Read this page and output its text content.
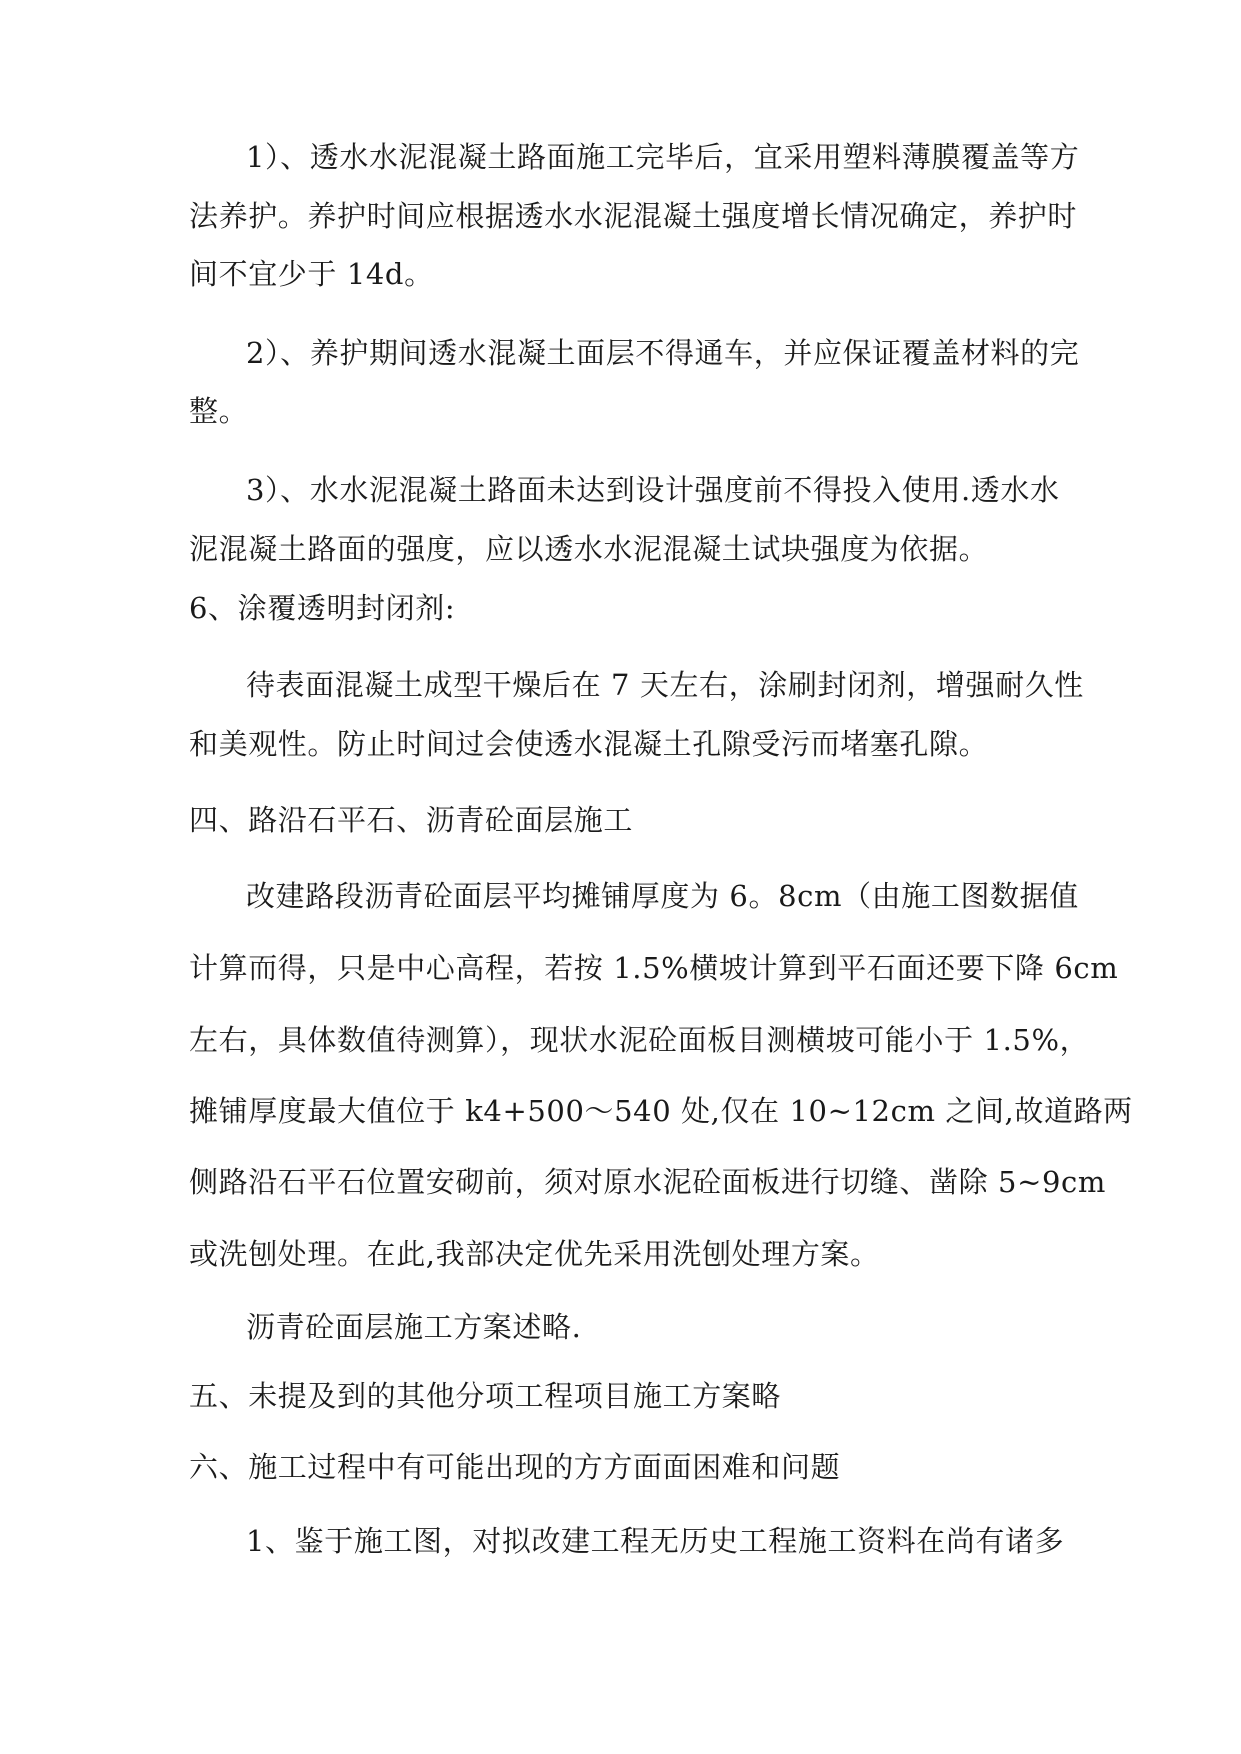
1）、透水水泥混凝土路面施工完毕后，宜采用塑料薄膜覆盖等方
法养护。养护时间应根据透水水泥混凝土强度增长情况确定，养护时
间不宜少于 14d。
2）、养护期间透水混凝土面层不得通车，并应保证覆盖材料的完
整。
3）、水水泥混凝土路面未达到设计强度前不得投入使用.透水水
泥混凝土路面的强度，应以透水水泥混凝土试块强度为依据。
6、涂覆透明封闭剂:
待表面混凝土成型干燥后在 7 天左右，涂刷封闭剂，增强耐久性
和美观性。防止时间过会使透水混凝土孔隙受污而堵塞孔隙。
四、路沿石平石、沥青砼面层施工
改建路段沥青砼面层平均摊铺厚度为 6。8cm（由施工图数据值
计算而得，只是中心高程，若按 1.5%横坡计算到平石面还要下降 6cm
左右，具体数值待测算），现状水泥砼面板目测横坡可能小于 1.5%，
摊铺厚度最大值位于 k4+500～540 处,仅在 10~12cm 之间,故道路两
侧路沿石平石位置安砌前，须对原水泥砼面板进行切缝、凿除 5~9cm
或洗刨处理。在此,我部决定优先采用洗刨处理方案。
沥青砼面层施工方案述略.
五、未提及到的其他分项工程项目施工方案略
六、施工过程中有可能出现的方方面面困难和问题
1、鉴于施工图，对拟改建工程无历史工程施工资料在尚有诸多
